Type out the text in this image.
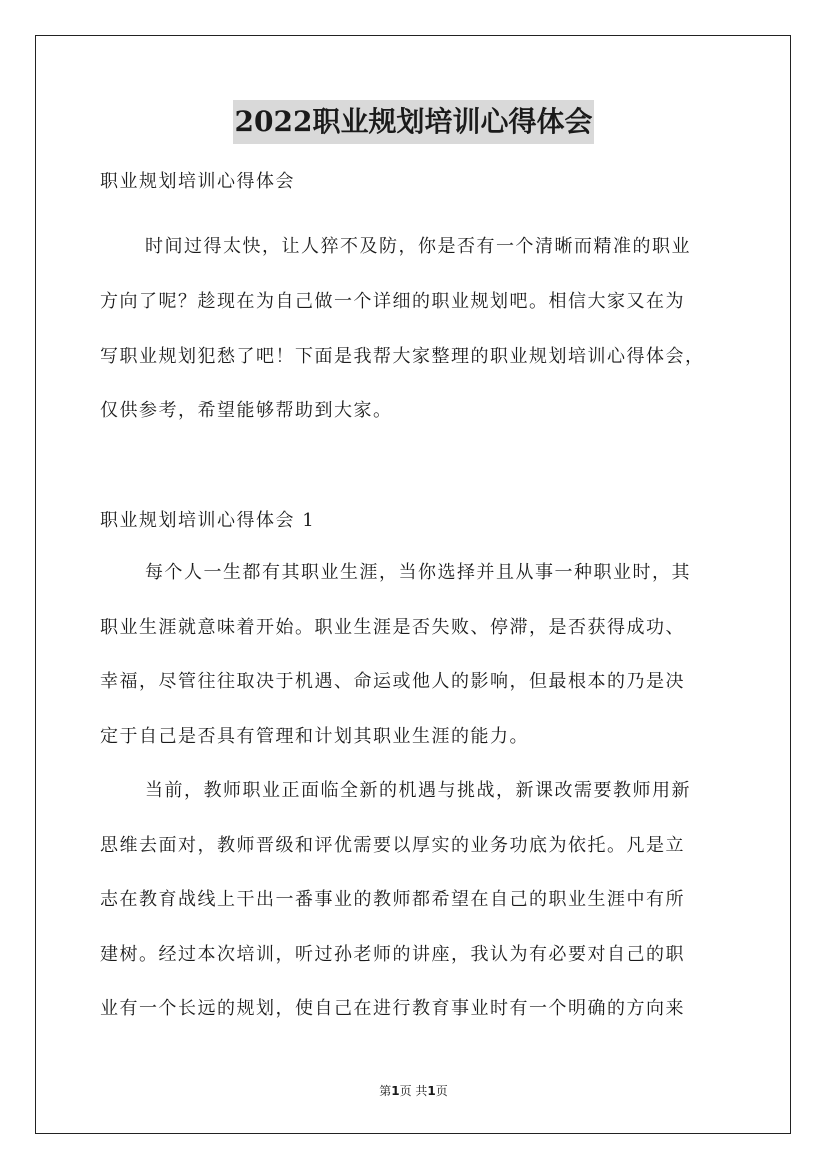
2022职业规划培训心得体会
职业规划培训心得体会
时间过得太快，让人猝不及防，你是否有一个清晰而精准的职业
方向了呢？趁现在为自己做一个详细的职业规划吧。相信大家又在为
写职业规划犯愁了吧！下面是我帮大家整理的职业规划培训心得体会，
仅供参考，希望能够帮助到大家。
职业规划培训心得体会 1
每个人一生都有其职业生涯，当你选择并且从事一种职业时，其
职业生涯就意味着开始。职业生涯是否失败、停滞，是否获得成功、
幸福，尽管往往取决于机遇、命运或他人的影响，但最根本的乃是决
定于自己是否具有管理和计划其职业生涯的能力。
当前，教师职业正面临全新的机遇与挑战，新课改需要教师用新
思维去面对，教师晋级和评优需要以厚实的业务功底为依托。凡是立
志在教育战线上干出一番事业的教师都希望在自己的职业生涯中有所
建树。经过本次培训，听过孙老师的讲座，我认为有必要对自己的职
业有一个长远的规划，使自己在进行教育事业时有一个明确的方向来
第1页 共1页
